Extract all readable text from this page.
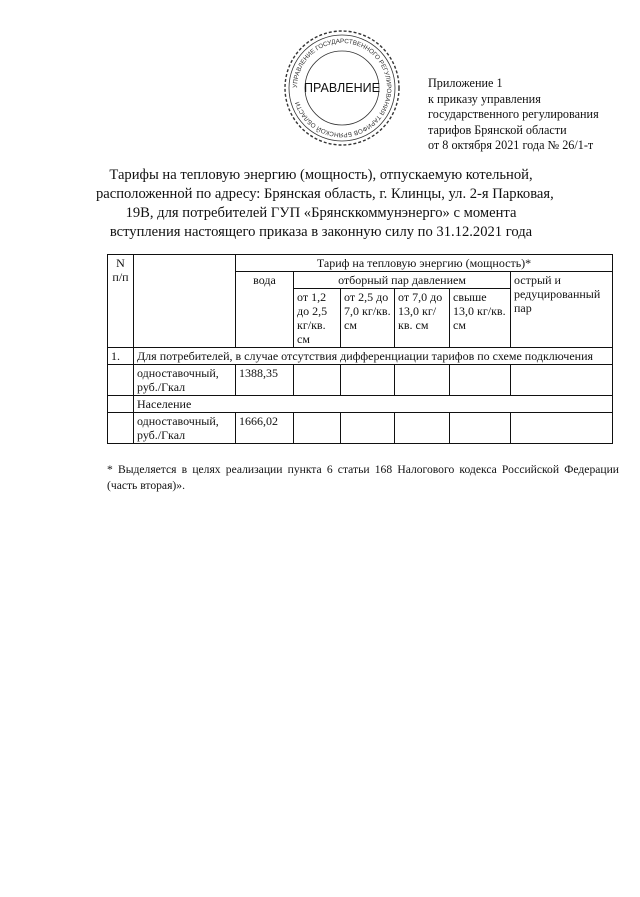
УПРАВЛЕНИЕ ГОСУДАРСТВЕННОГО РЕГУЛИРОВАНИЯ ТАРИФОВ БРЯНСКОЙ ОБЛАСТИ
ПРАВЛЕНИЕ	Приложение 1
к приказу управления
государственного регулирования
тарифов Брянской области
от 8 октября 2021 года № 26/1-т
Тарифы на тепловую энергию (мощность), отпускаемую котельной,
расположенной по адресу: Брянская область, г. Клинцы, ул. 2-я Парковая,
19В, для потребителей ГУП «Брянсккоммунэнерго» с момента
вступления настоящего приказа в законную силу по 31.12.2021 года
N п/п		Тариф на тепловую энергию (мощность)*					
		вода	отборный пар давлением				острый и редуцированный пар
			от 1,2 до 2,5 кг/кв. см	от 2,5 до 7,0 кг/кв. см	от 7,0 до 13,0 кг/кв. см	свыше 13,0 кг/кв. см	
1.	Для потребителей, в случае отсутствия дифференциации тарифов по схеме подключения						
	одноставочный, руб./Гкал	1388,35					
	Население						
	одноставочный, руб./Гкал	1666,02					
* Выделяется в целях реализации пункта 6 статьи 168 Налогового кодекса Российской Федерации (часть вторая)».
